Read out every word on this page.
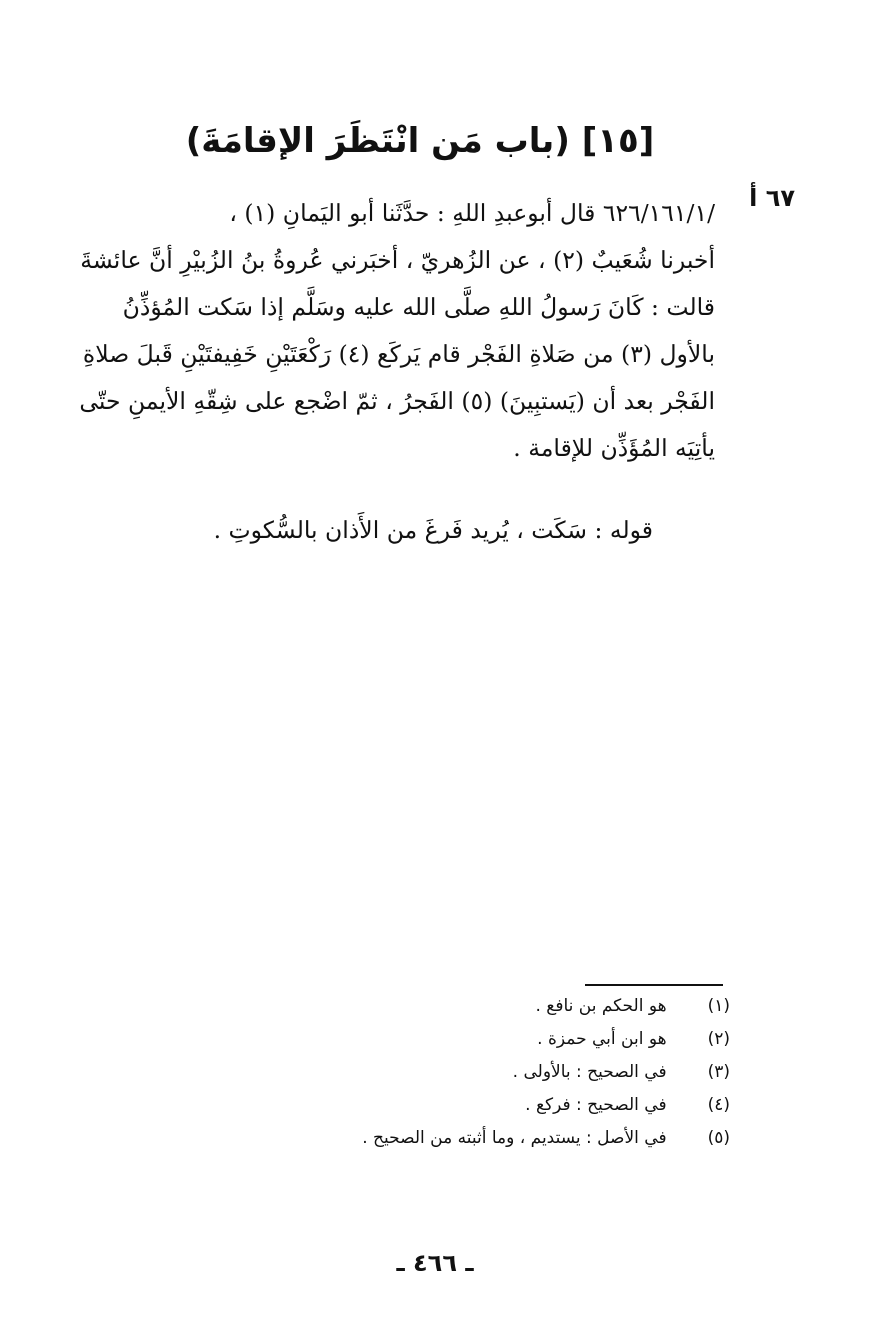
[١٥] (باب مَن انْتَظَرَ الإقامَةَ)
٦٧ أ
/٦٢٦/١٦١/١ قال أبوعبدِ اللهِ : حدَّثَنا أبو اليَمانِ (١) ،
أخبرنا شُعَيبٌ (٢) ، عن الزُهريّ ، أخبَرني عُروةُ بنُ الزُبيْرِ أنَّ عائشةَ
قالت : كَانَ رَسولُ اللهِ صلَّى الله عليه وسَلَّم إذا سَكت المُؤذِّنُ
بالأول (٣) من صَلاةِ الفَجْر قام يَركَع (٤) رَكْعَتَيْنِ خَفِيفتَيْنِ قَبلَ صلاةِ
الفَجْر بعد أن (يَستبِينَ) (٥) الفَجرُ ، ثمّ اضْجع على شِقّهِ الأيمنِ حتّى
يأتِيَه المُؤَذِّن للإقامة .
قوله : سَكَت ، يُريد فَرغَ من الأَذان بالسُّكوتِ .
(١) هو الحكم بن نافع .
(٢) هو ابن أبي حمزة .
(٣) في الصحيح : بالأولى .
(٤) في الصحيح : فركع .
(٥) في الأصل : يستديم ، وما أثبته من الصحيح .
ـ ٤٦٦ ـ
